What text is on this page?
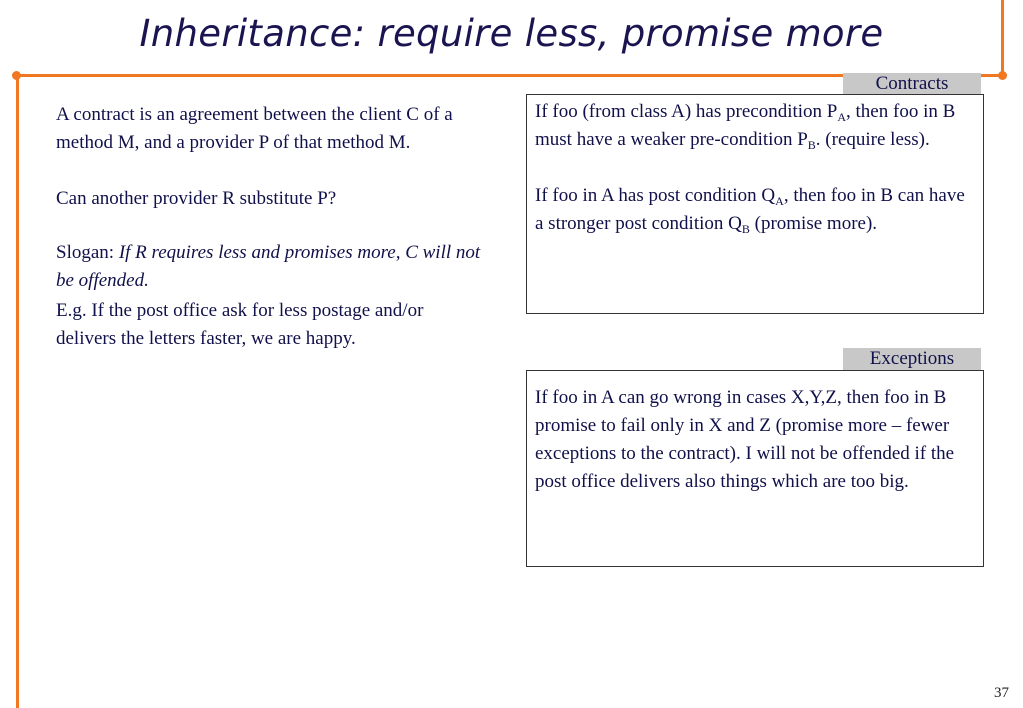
Inheritance: require less, promise more

A contract is an agreement between the client C of a method M, and a provider P of that method M.

Can another provider R substitute P?

Slogan: If R requires less and promises more, C will not be offended.

E.g. If the post office ask for less postage and/or delivers the letters faster, we are happy.

Contracts

If foo (from class A) has precondition $P_A$, then foo in B must have a weaker pre-condition $P_B$. (require less).

If foo in A has post condition $Q_A$, then foo in B can have a stronger post condition $Q_B$ (promise more).

Exceptions

If foo in A can go wrong in cases X,Y,Z, then foo in B promise to fail only in X and Z (promise more – fewer exceptions to the contract). I will not be offended if the post office delivers also things which are too big.

37
